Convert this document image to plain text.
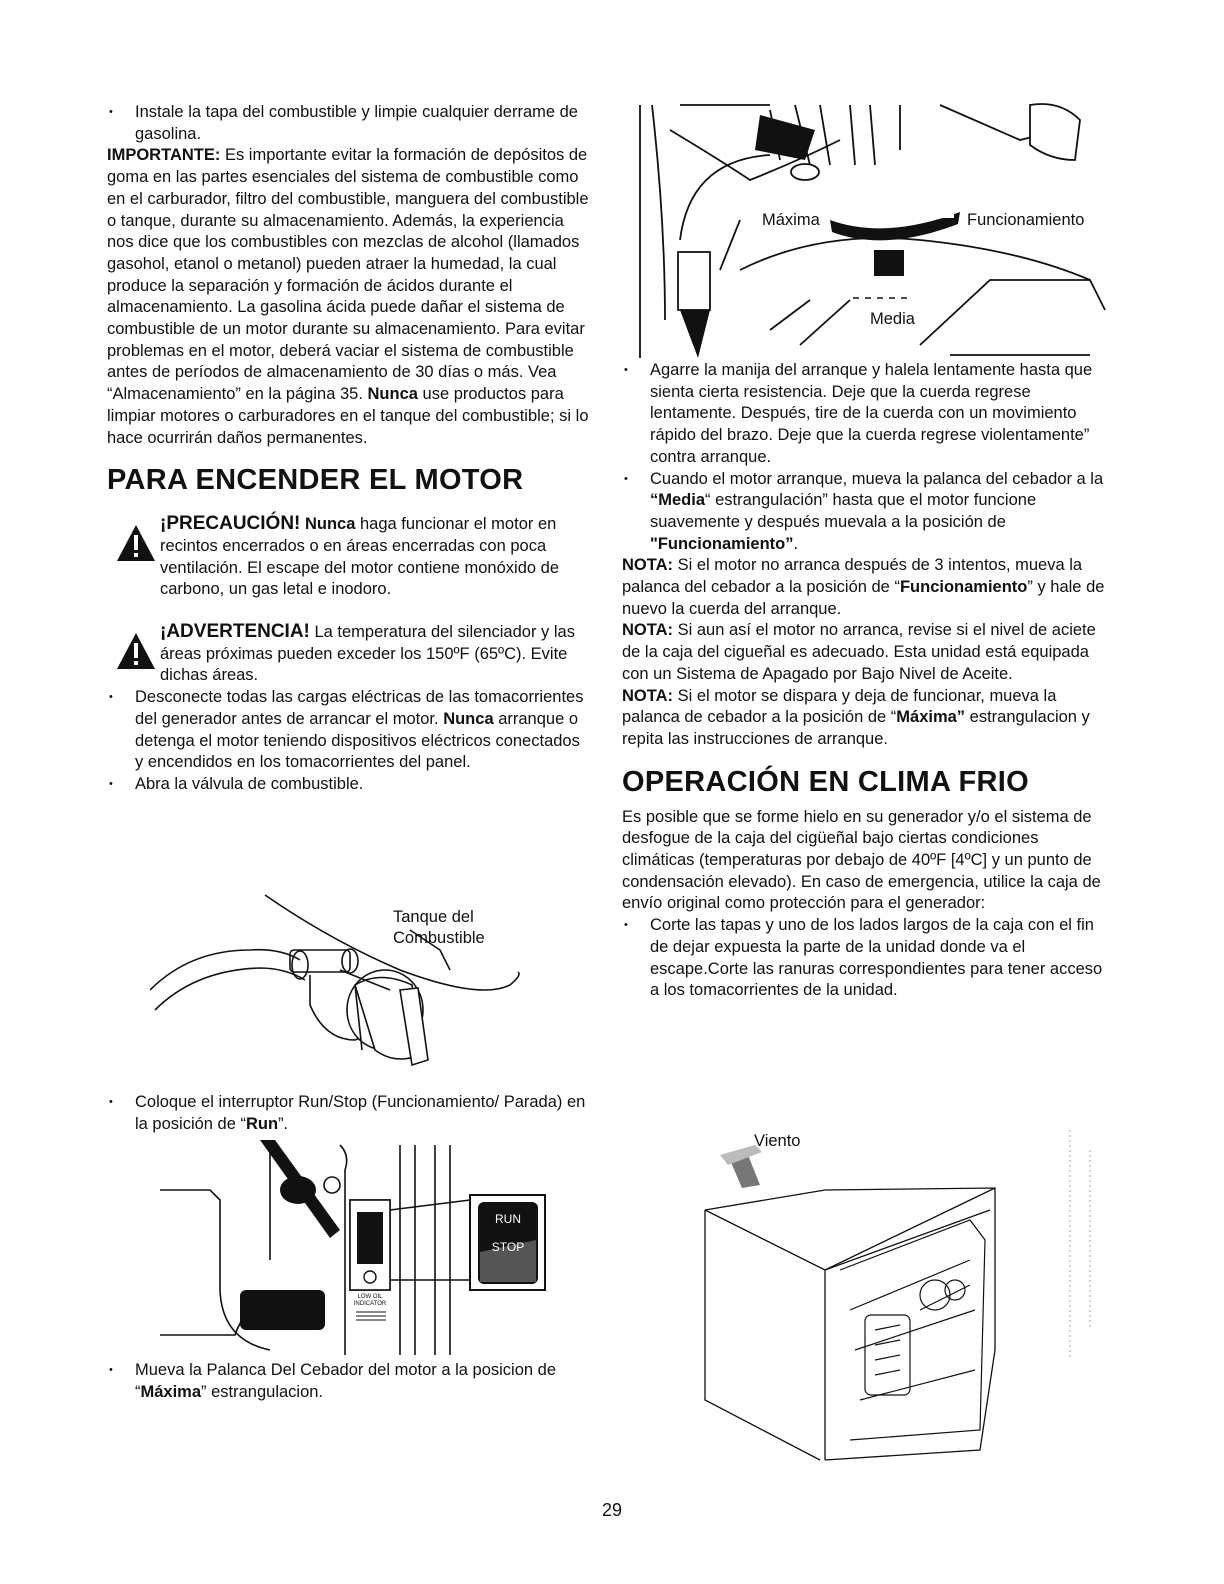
• Instale la tapa del combustible y limpie cualquier derrame de gasolina.

IMPORTANTE: Es importante evitar la formación de depósitos de goma en las partes esenciales del sistema de combustible como en el carburador, filtro del combustible, manguera del combustible o tanque, durante su almacenamiento. Además, la experiencia nos dice que los combustibles con mezclas de alcohol (llamados gasohol, etanol o metanol) pueden atraer la humedad, la cual produce la separación y formación de ácidos durante el almacenamiento. La gasolina ácida puede dañar el sistema de combustible de un motor durante su almacenamiento. Para evitar problemas en el motor, deberá vaciar el sistema de combustible antes de períodos de almacenamiento de 30 días o más. Vea “Almacenamiento” en la página 35. Nunca use productos para limpiar motores o carburadores en el tanque del combustible; si lo hace ocurrirán daños permanentes.

PARA ENCENDER EL MOTOR

¡PRECAUCIÓN! Nunca haga funcionar el motor en recintos encerrados o en áreas encerradas con poca ventilación. El escape del motor contiene monóxido de carbono, un gas letal e inodoro.

¡ADVERTENCIA! La temperatura del silenciador y las áreas próximas pueden exceder los 150ºF (65ºC). Evite dichas áreas.

• Desconecte todas las cargas eléctricas de las tomacorrientes del generador antes de arrancar el motor. Nunca arranque o detenga el motor teniendo dispositivos eléctricos conectados y encendidos en los tomacorrientes del panel.

• Abra la válvula de combustible.

Tanque del
Combustible

• Coloque el interruptor Run/Stop (Funcionamiento/ Parada) en la posición de “Run”.

LOW OIL
INDICATOR
RUN
STOP

• Mueva la Palanca Del Cebador del motor a la posicion de “Máxima” estrangulacion.

Máxima	Funcionamiento
Media

• Agarre la manija del arranque y halela lentamente hasta que sienta cierta resistencia. Deje que la cuerda regrese lentamente. Después, tire de la cuerda con un movimiento rápido del brazo. Deje que la cuerda regrese violentamente” contra arranque.

• Cuando el motor arranque, mueva la palanca del cebador a la “Media“ estrangulación” hasta que el motor funcione suavemente y después muevala a la posición de "Funcionamiento”.

NOTA: Si el motor no arranca después de 3 intentos, mueva la palanca del cebador a la posición de “Funcionamiento” y hale de nuevo la cuerda del arranque.

NOTA: Si aun así el motor no arranca, revise si el nivel de aciete de la caja del cigueñal es adecuado. Esta unidad está equipada con un Sistema de Apagado por Bajo Nivel de Aceite.

NOTA: Si el motor se dispara y deja de funcionar, mueva la palanca de cebador a la posición de “Máxima” estrangulacion y repita las instrucciones de arranque.

OPERACIÓN EN CLIMA FRIO

Es posible que se forme hielo en su generador y/o el sistema de desfogue de la caja del cigüeñal bajo ciertas condiciones climáticas (temperaturas por debajo de 40ºF [4ºC] y un punto de condensación elevado). En caso de emergencia, utilice la caja de envío original como protección para el generador:

• Corte las tapas y uno de los lados largos de la caja con el fin de dejar expuesta la parte de la unidad donde va el escape.Corte las ranuras correspondientes para tener acceso a los tomacorrientes de la unidad.

Viento
29
